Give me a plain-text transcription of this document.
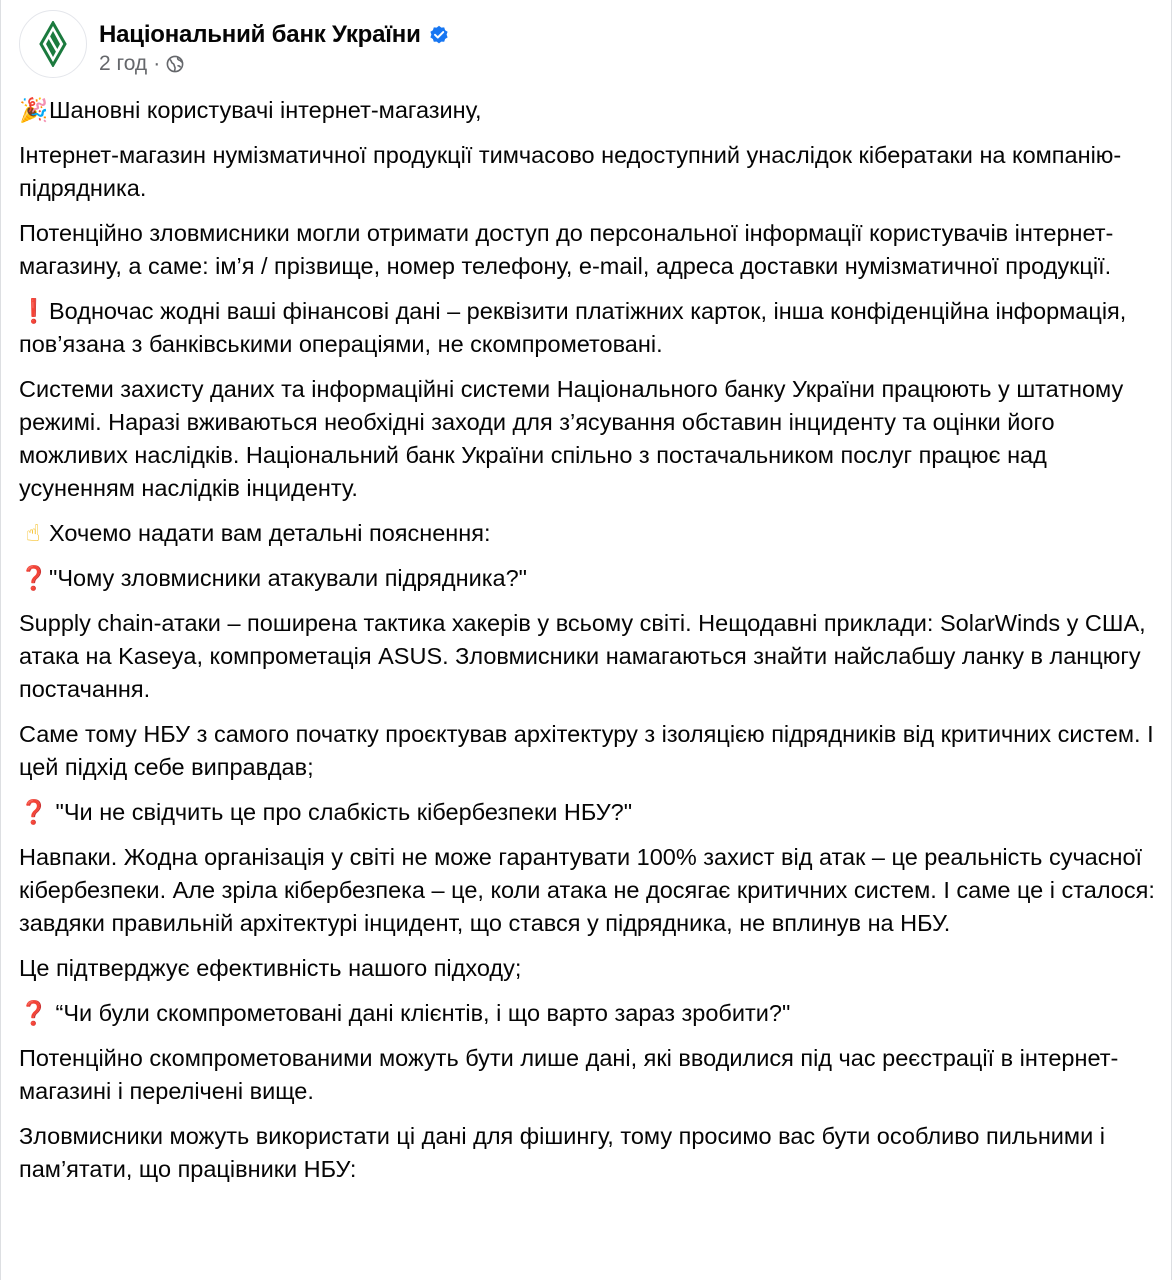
Національний банк України
2 год ·

🎉Шановні користувачі інтернет-магазину,

Інтернет-магазин нумізматичної продукції тимчасово недоступний унаслідок кібератаки на компанію-підрядника.

Потенційно зловмисники могли отримати доступ до персональної інформації користувачів інтернет-магазину, а саме: ім’я / прізвище, номер телефону, e-mail, адреса доставки нумізматичної продукції.

❗Водночас жодні ваші фінансові дані – реквізити платіжних карток, інша конфіденційна інформація, пов’язана з банківськими операціями, не скомпрометовані.

Системи захисту даних та інформаційні системи Національного банку України працюють у штатному режимі. Наразі вживаються необхідні заходи для з’ясування обставин інциденту та оцінки його можливих наслідків. Національний банк України спільно з постачальником послуг працює над усуненням наслідків інциденту.

☝ Хочемо надати вам детальні пояснення:

❓"Чому зловмисники атакували підрядника?"

Supply chain-атаки – поширена тактика хакерів у всьому світі. Нещодавні приклади: SolarWinds у США, атака на Kaseya, компрометація ASUS. Зловмисники намагаються знайти найслабшу ланку в ланцюгу постачання.

Саме тому НБУ з самого початку проєктував архітектуру з ізоляцією підрядників від критичних систем. І цей підхід себе виправдав;

❓ "Чи не свідчить це про слабкість кібербезпеки НБУ?"

Навпаки. Жодна організація у світі не може гарантувати 100% захист від атак – це реальність сучасної кібербезпеки. Але зріла кібербезпека – це, коли атака не досягає критичних систем. І саме це і сталося: завдяки правильній архітектурі інцидент, що стався у підрядника, не вплинув на НБУ.

Це підтверджує ефективність нашого підходу;

❓ “Чи були скомпрометовані дані клієнтів, і що варто зараз зробити?"

Потенційно скомпрометованими можуть бути лише дані, які вводилися під час реєстрації в інтернет-магазині і перелічені вище.

Зловмисники можуть використати ці дані для фішингу, тому просимо вас бути особливо пильними і пам’ятати, що працівники НБУ:
